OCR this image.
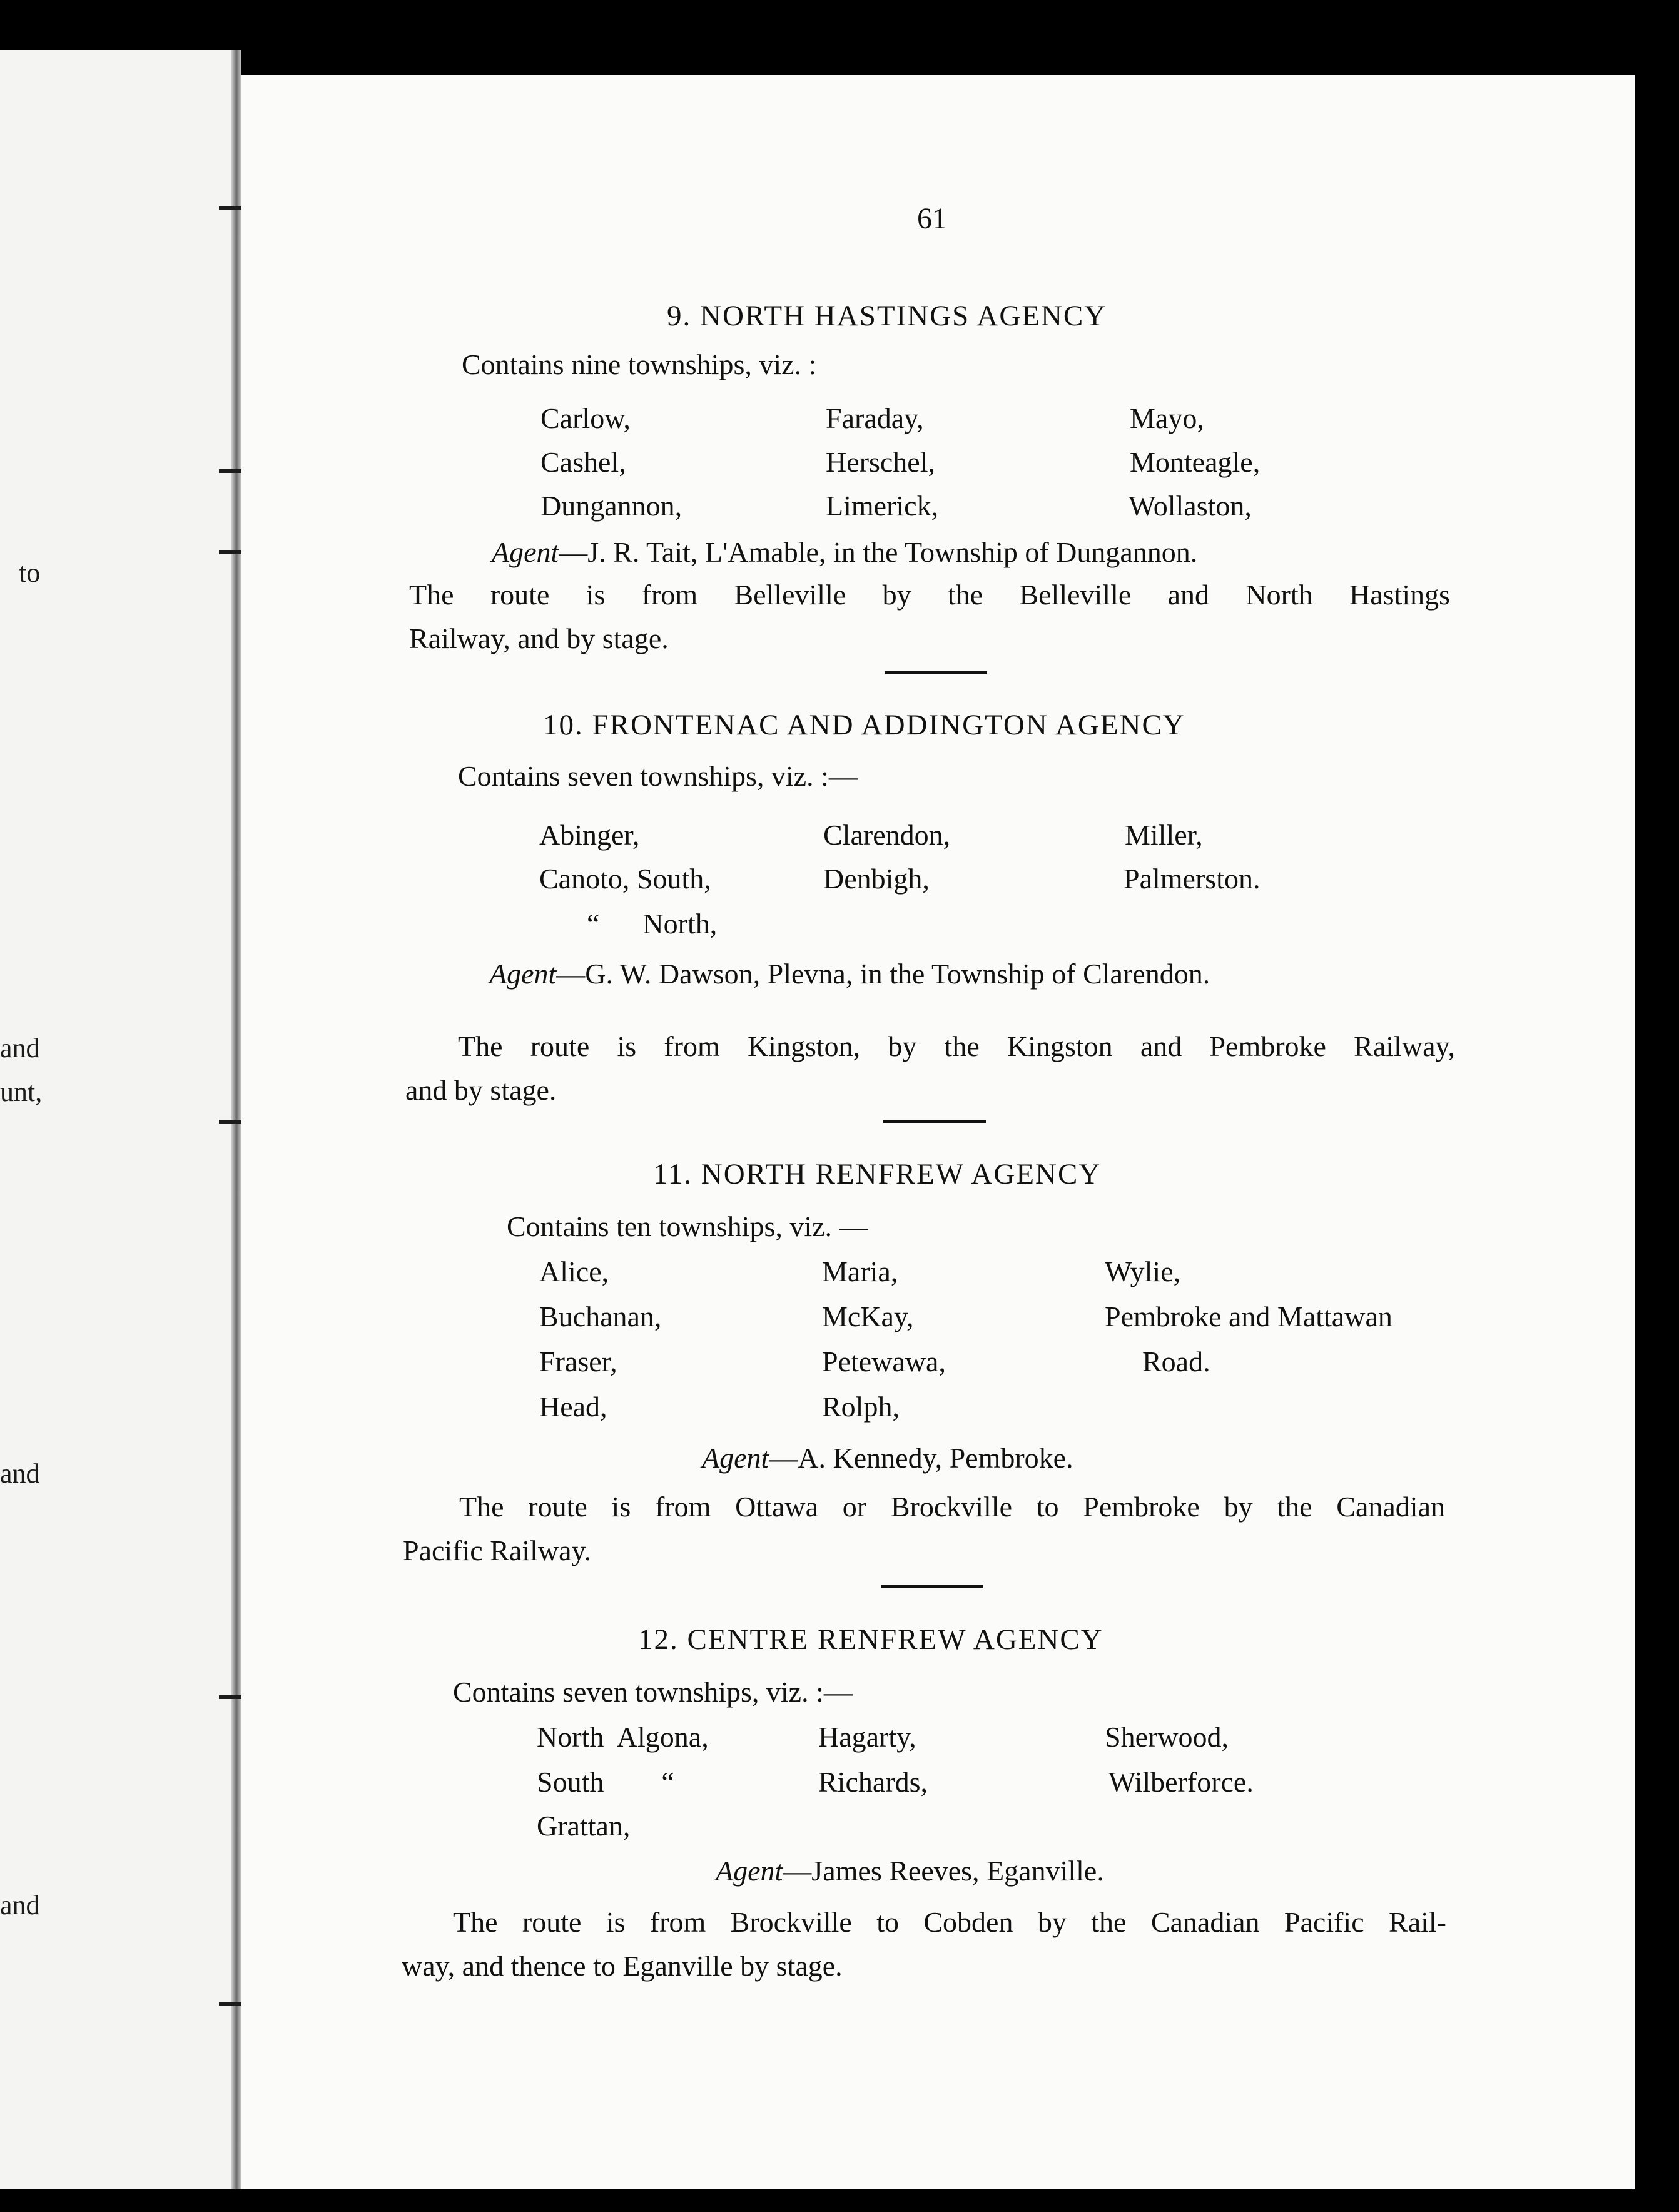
to
and
unt,
and
and
61
9. NORTH HASTINGS AGENCY
Contains nine townships, viz. :
Carlow,	Faraday,	Mayo,
Cashel,	Herschel,	Monteagle,
Dungannon,	Limerick,	Wollaston,
Agent—J. R. Tait, L'Amable, in the Township of Dungannon.
The route is from Belleville by the Belleville and North Hastings
Railway, and by stage.
10. FRONTENAC AND ADDINGTON AGENCY
Contains seven townships, viz. :—
Abinger,	Clarendon,	Miller,
Canoto, South,	Denbigh,	Palmerston.
“      North,
Agent—G. W. Dawson, Plevna, in the Township of Clarendon.
The route is from Kingston, by the Kingston and Pembroke Railway,
and by stage.
11. NORTH RENFREW AGENCY
Contains ten townships, viz. —
Alice,	Maria,	Wylie,
Buchanan,	McKay,	Pembroke and Mattawan
Fraser,	Petewawa,	Road.
Head,	Rolph,
Agent—A. Kennedy, Pembroke.
The route is from Ottawa or Brockville to Pembroke by the Canadian
Pacific Railway.
12. CENTRE RENFREW AGENCY
Contains seven townships, viz. :—
North  Algona,	Hagarty,	Sherwood,
South        “	Richards,	Wilberforce.
Grattan,
Agent—James Reeves, Eganville.
The route is from Brockville to Cobden by the Canadian Pacific Rail-
way, and thence to Eganville by stage.
